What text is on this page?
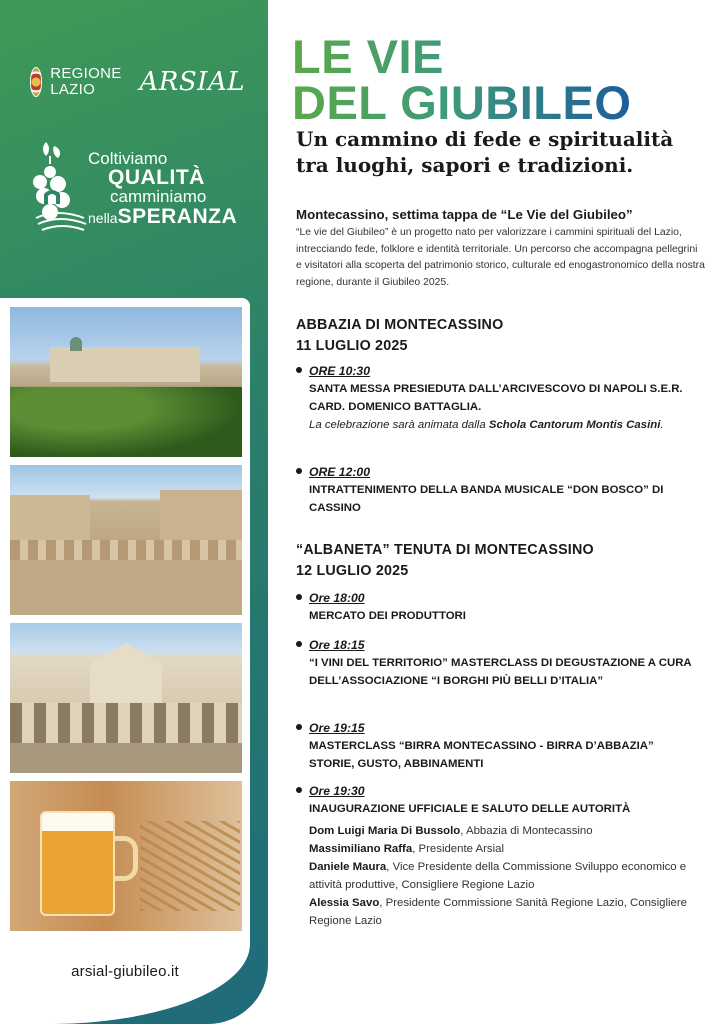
REGIONE
LAZIO	ARSIAL
Coltiviamo
QUALITÀ
camminiamo
nellaSPERANZA
arsial-giubileo.it
LE VIE
DEL GIUBILEO
Un cammino di fede e spiritualità
tra luoghi, sapori e tradizioni.
Montecassino, settima tappa de “Le Vie del Giubileo”
“Le vie del Giubileo” è un progetto nato per valorizzare i cammini spirituali del Lazio, intrecciando fede, folklore e identità territoriale. Un percorso che accompagna pellegrini e visitatori alla scoperta del patrimonio storico, culturale ed enogastronomico della nostra regione, durante il Giubileo 2025.
ABBAZIA DI MONTECASSINO
11 LUGLIO 2025
ORE 10:30
SANTA MESSA PRESIEDUTA DALL’ARCIVESCOVO DI NAPOLI S.E.R. CARD. DOMENICO BATTAGLIA.
La celebrazione sarà animata dalla Schola Cantorum Montis Casini.
ORE 12:00
INTRATTENIMENTO DELLA BANDA MUSICALE “DON BOSCO” DI CASSINO
“ALBANETA” TENUTA DI MONTECASSINO
12 LUGLIO 2025
Ore 18:00
MERCATO DEI PRODUTTORI
Ore 18:15
“I VINI DEL TERRITORIO” MASTERCLASS DI DEGUSTAZIONE A CURA DELL’ASSOCIAZIONE “I BORGHI PIÙ BELLI D’ITALIA”
Ore 19:15
MASTERCLASS “BIRRA MONTECASSINO - BIRRA D’ABBAZIA” STORIE, GUSTO, ABBINAMENTI
Ore 19:30
INAUGURAZIONE UFFICIALE E SALUTO DELLE AUTORITÀ
Dom Luigi Maria Di Bussolo, Abbazia di Montecassino
Massimiliano Raffa, Presidente Arsial
Daniele Maura, Vice Presidente della Commissione Sviluppo economico e attività produttive, Consigliere Regione Lazio
Alessia Savo, Presidente Commissione Sanità Regione Lazio, Consigliere Regione Lazio
